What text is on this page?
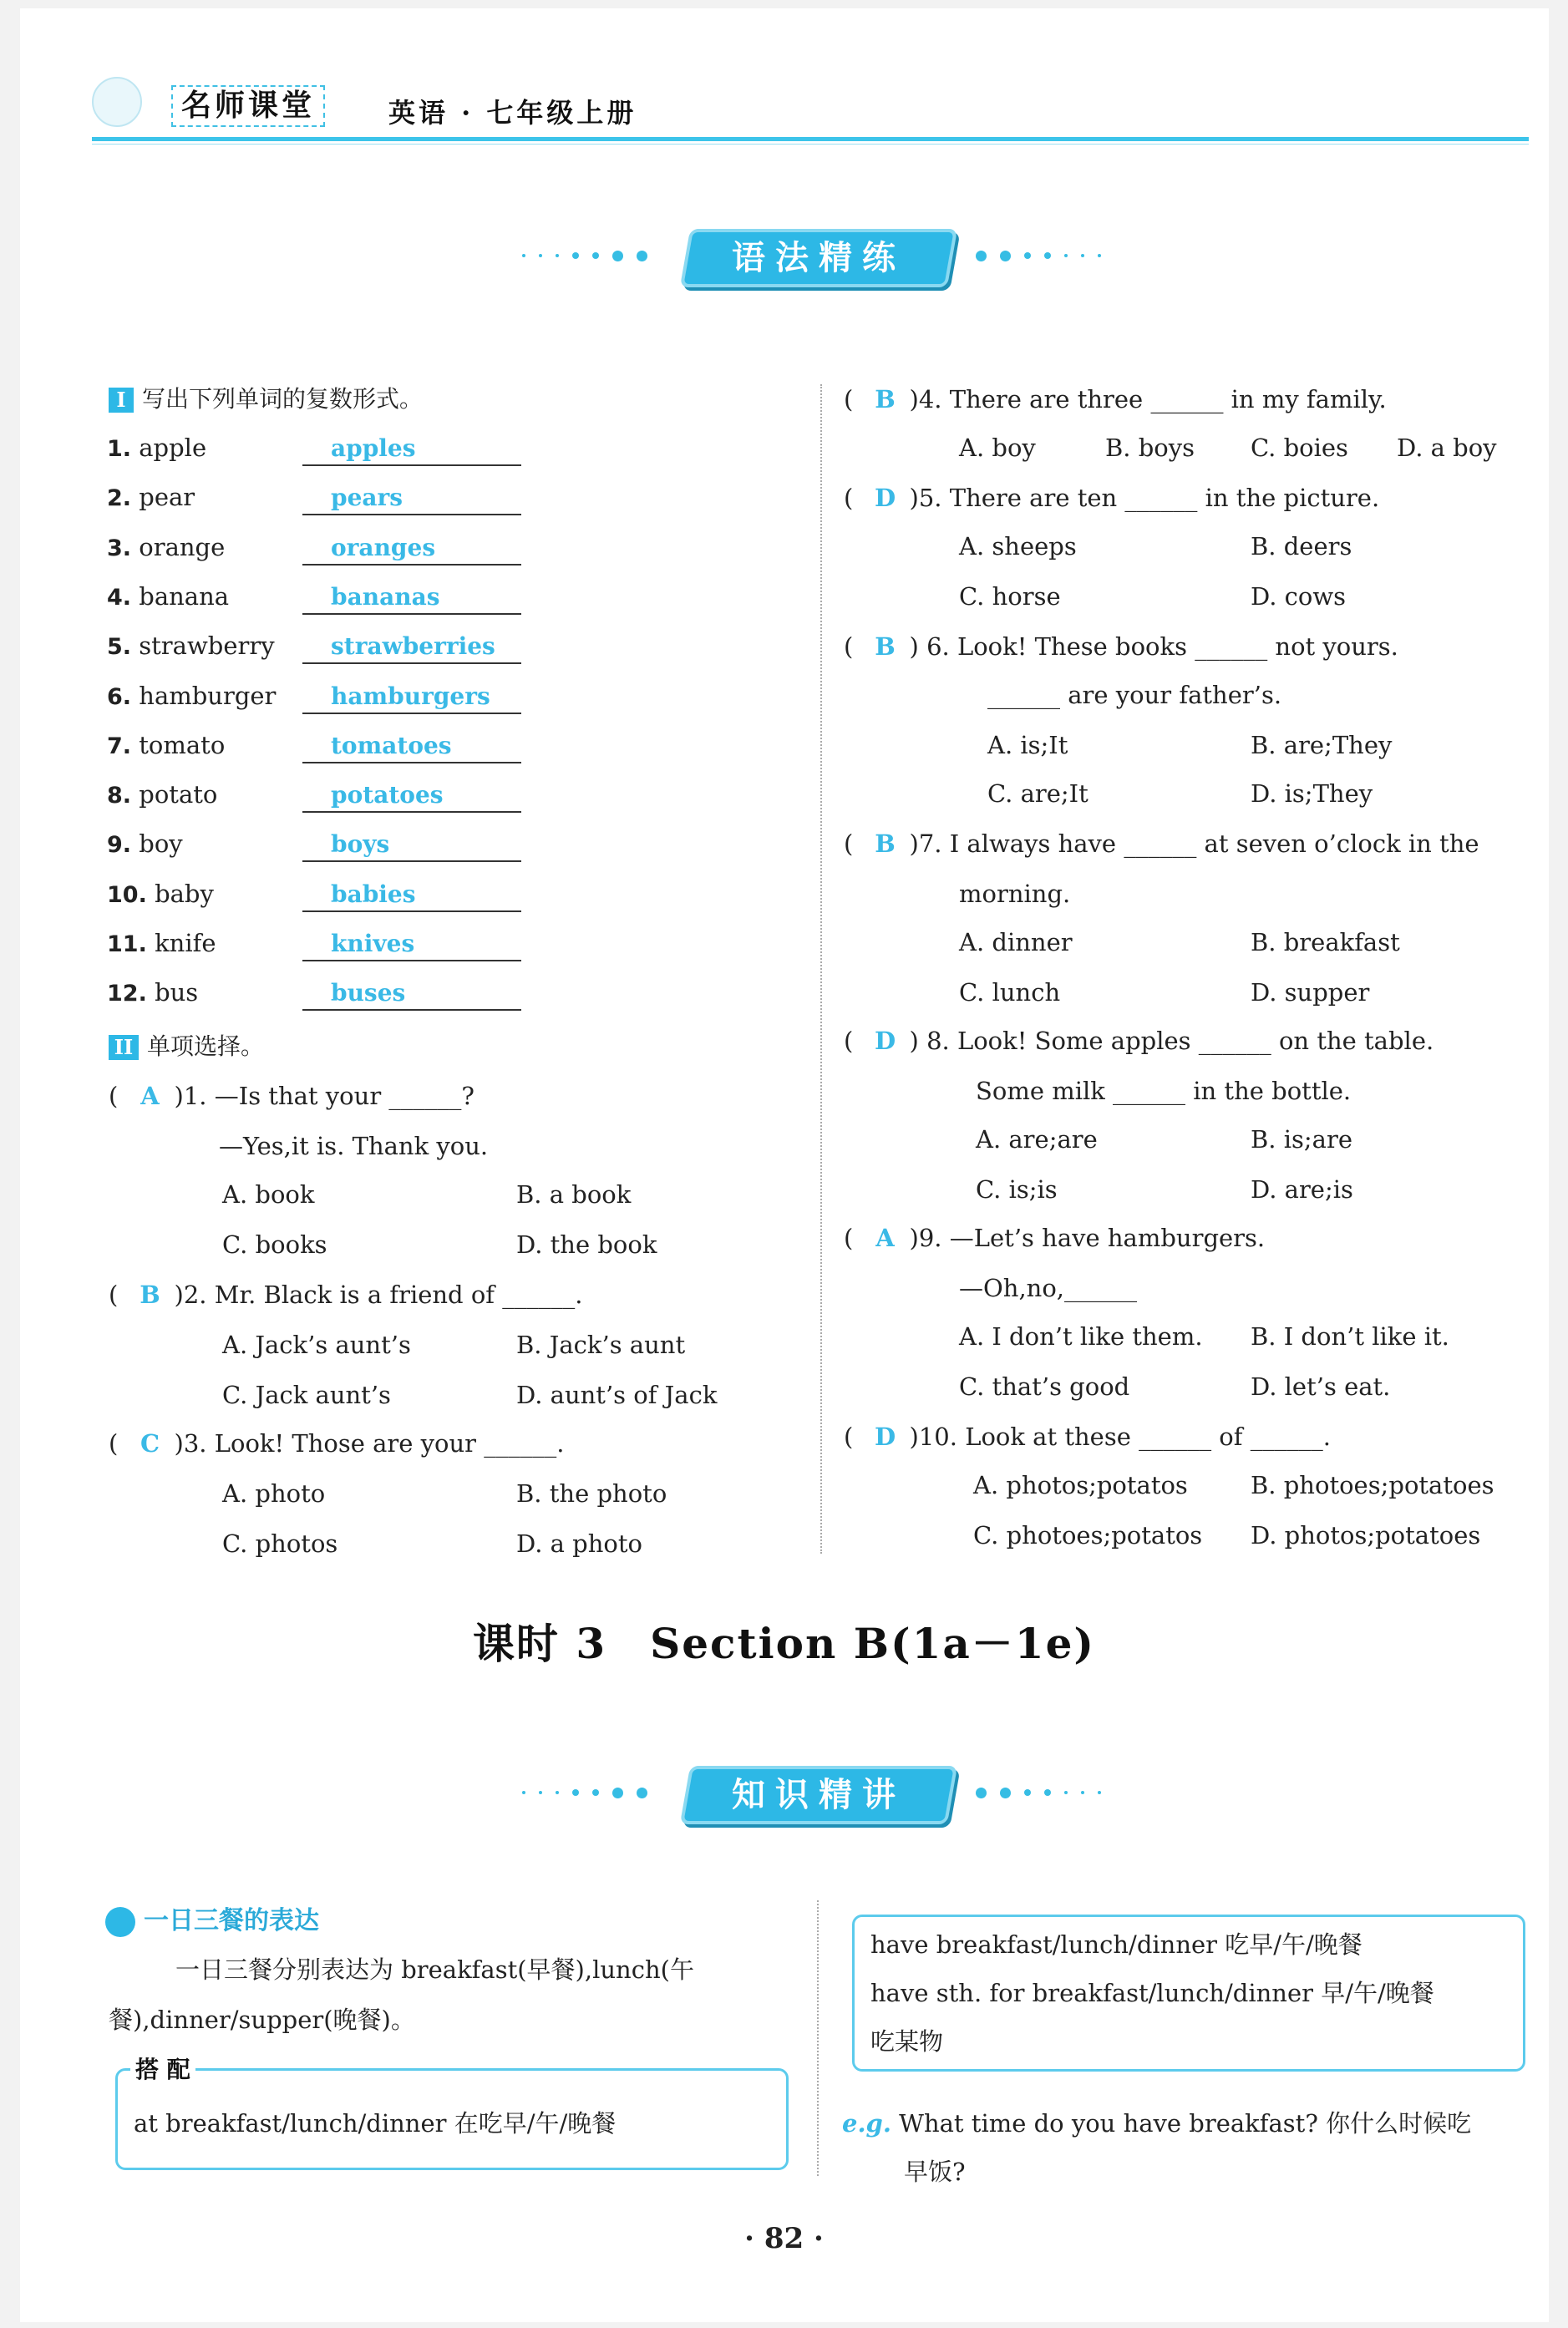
名师课堂	英语 · 七年级上册
语法精练
I 写出下列单词的复数形式。
1. apple	apples
2. pear	pears
3. orange	oranges
4. banana	bananas
5. strawberry	strawberries
6. hamburger	hamburgers
7. tomato	tomatoes
8. potato	potatoes
9. boy	boys
10. baby	babies
11. knife	knives
12. bus	buses
II 单项选择。
( A )1. —Is that your ______?
—Yes,it is. Thank you.
A. book	B. a book
C. books	D. the book
( B )2. Mr. Black is a friend of ______.
A. Jack’s aunt’s	B. Jack’s aunt
C. Jack aunt’s	D. aunt’s of Jack
( C )3. Look! Those are your ______.
A. photo	B. the photo
C. photos	D. a photo
( B )4. There are three ______ in my family.
A. boy	B. boys C. boies D. a boy
( D )5. There are ten ______ in the picture.
A. sheeps	B. deers
C. horse	D. cows
( B ) 6. Look! These books ______ not yours.
______ are your father’s.
A. is;It	B. are;They
C. are;It	D. is;They
( B )7. I always have ______ at seven o’clock in the
morning.
A. dinner	B. breakfast
C. lunch	D. supper
( D ) 8. Look! Some apples ______ on the table.
Some milk ______ in the bottle.
A. are;are	B. is;are
C. is;is	D. are;is
( A )9. —Let’s have hamburgers.
—Oh,no,______
A. I don’t like them. B. I don’t like it.
C. that’s good	D. let’s eat.
( D )10. Look at these ______ of ______.
A. photos;potatos	B. photoes;potatoes
C. photoes;potatos D. photos;potatoes
课时 3　Section B(1a－1e)
知识精讲
一日三餐的表达
一日三餐分别表达为 breakfast(早餐),lunch(午
餐),dinner/supper(晚餐)。
搭 配
at breakfast/lunch/dinner 在吃早/午/晚餐
have breakfast/lunch/dinner 吃早/午/晚餐
have sth. for breakfast/lunch/dinner 早/午/晚餐
吃某物
e.g. What time do you have breakfast? 你什么时候吃
早饭?
· 82 ·
